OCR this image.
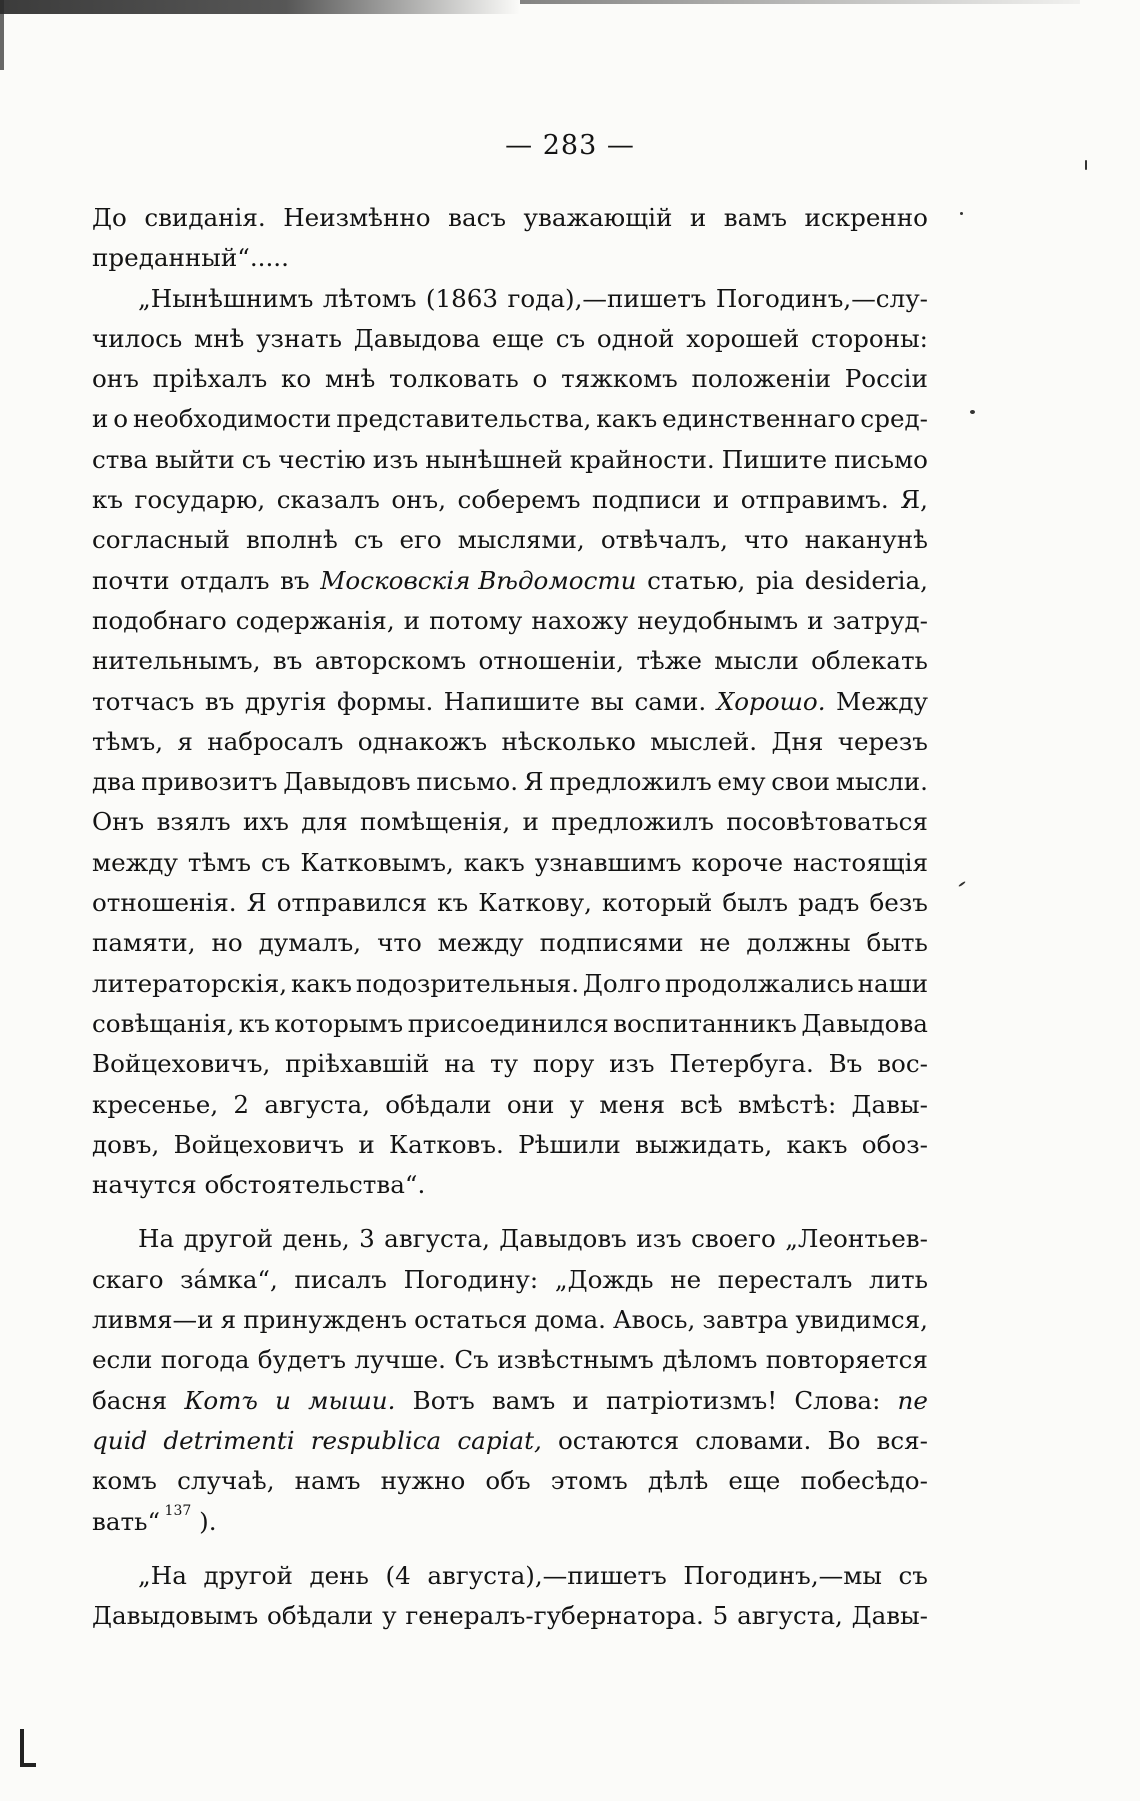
— 283 —
До свиданія. Неизмѣнно васъ уважающій и вамъ искренно
преданный“.....
„Нынѣшнимъ лѣтомъ (1863 года),—пишетъ Погодинъ,—слу-
чилось мнѣ узнать Давыдова еще съ одной хорошей стороны:
онъ пріѣхалъ ко мнѣ толковать о тяжкомъ положеніи Россіи
и о необходимости представительства, какъ единственнаго сред-
ства выйти съ честію изъ нынѣшней крайности. Пишите письмо
къ государю, сказалъ онъ, соберемъ подписи и отправимъ. Я,
согласный вполнѣ съ его мыслями, отвѣчалъ, что наканунѣ
почти отдалъ въ Московскія Вѣдомости статью, pia desideria,
подобнаго содержанія, и потому нахожу неудобнымъ и затруд-
нительнымъ, въ авторскомъ отношеніи, тѣже мысли облекать
тотчасъ въ другія формы. Напишите вы сами. Хорошо. Между
тѣмъ, я набросалъ однакожъ нѣсколько мыслей. Дня черезъ
два привозитъ Давыдовъ письмо. Я предложилъ ему свои мысли.
Онъ взялъ ихъ для помѣщенія, и предложилъ посовѣтоваться
между тѣмъ съ Катковымъ, какъ узнавшимъ короче настоящія
отношенія. Я отправился къ Каткову, который былъ радъ безъ
памяти, но думалъ, что между подписями не должны быть
литераторскія, какъ подозрительныя. Долго продолжались наши
совѣщанія, къ которымъ присоединился воспитанникъ Давыдова
Войцеховичъ, пріѣхавшій на ту пору изъ Петербуга. Въ вос-
кресенье, 2 августа, обѣдали они у меня всѣ вмѣстѣ: Давы-
довъ, Войцеховичъ и Катковъ. Рѣшили выжидать, какъ обоз-
начутся обстоятельства“.
На другой день, 3 августа, Давыдовъ изъ своего „Леонтьев-
скаго зáмка“, писалъ Погодину: „Дождь не пересталъ лить
ливмя—и я принужденъ остаться дома. Авось, завтра увидимся,
если погода будетъ лучше. Съ извѣстнымъ дѣломъ повторяется
басня Котъ и мыши. Вотъ вамъ и патріотизмъ! Слова: ne
quid detrimenti respublica capiat, остаются словами. Во вся-
комъ случаѣ, намъ нужно объ этомъ дѣлѣ еще побесѣдо-
вать“ 137 ).
„На другой день (4 августа),—пишетъ Погодинъ,—мы съ
Давыдовымъ обѣдали у генералъ-губернатора. 5 августа, Давы-
